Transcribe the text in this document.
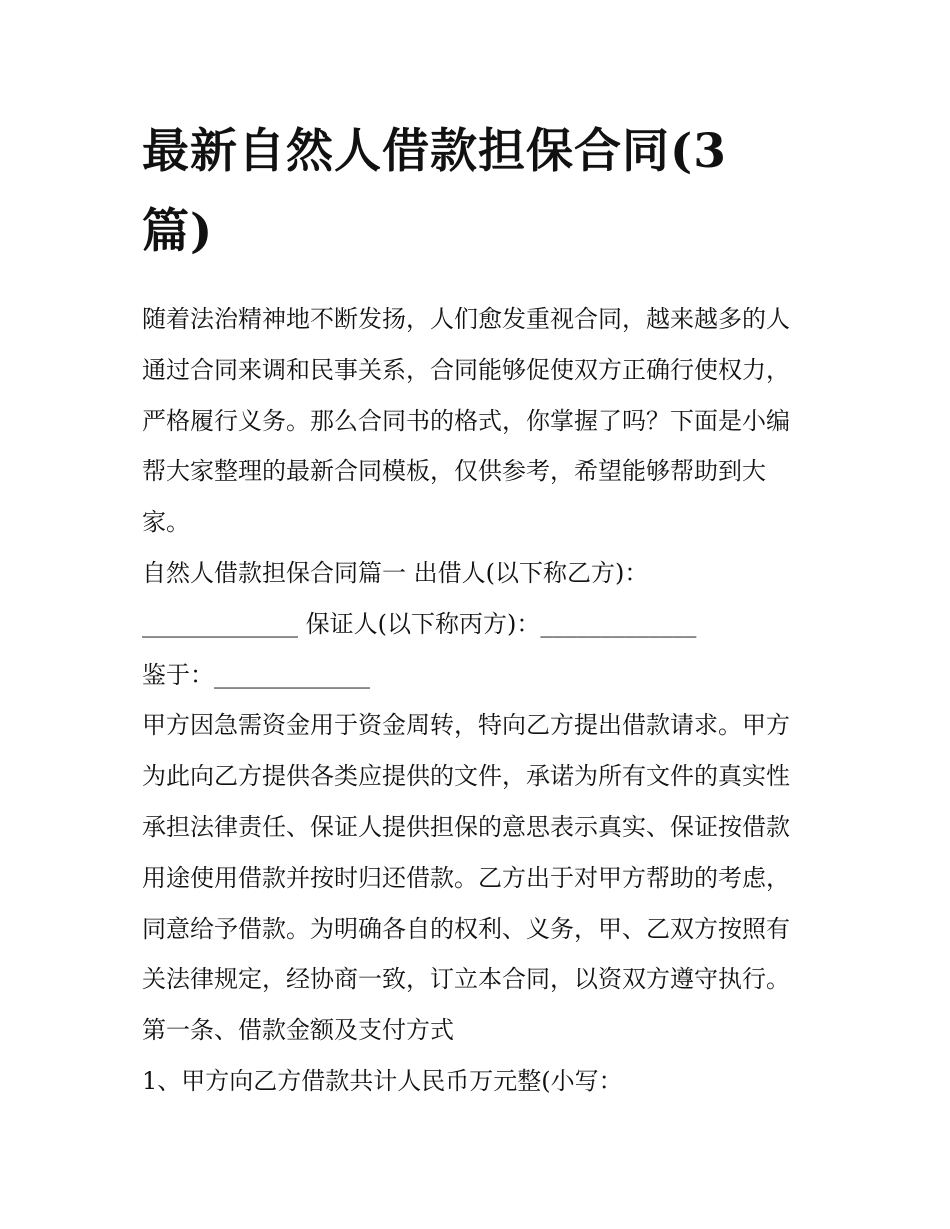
最新自然人借款担保合同(3
篇)

随着法治精神地不断发扬，人们愈发重视合同，越来越多的人
通过合同来调和民事关系，合同能够促使双方正确行使权力，
严格履行义务。那么合同书的格式，你掌握了吗？下面是小编
帮大家整理的最新合同模板，仅供参考，希望能够帮助到大
家。

自然人借款担保合同篇一 出借人(以下称乙方)：

_____________ 保证人(以下称丙方)：_____________

鉴于：_____________

甲方因急需资金用于资金周转，特向乙方提出借款请求。甲方
为此向乙方提供各类应提供的文件，承诺为所有文件的真实性
承担法律责任、保证人提供担保的意思表示真实、保证按借款
用途使用借款并按时归还借款。乙方出于对甲方帮助的考虑，
同意给予借款。为明确各自的权利、义务，甲、乙双方按照有
关法律规定，经协商一致，订立本合同，以资双方遵守执行。

第一条、借款金额及支付方式

1、甲方向乙方借款共计人民币万元整(小写：
